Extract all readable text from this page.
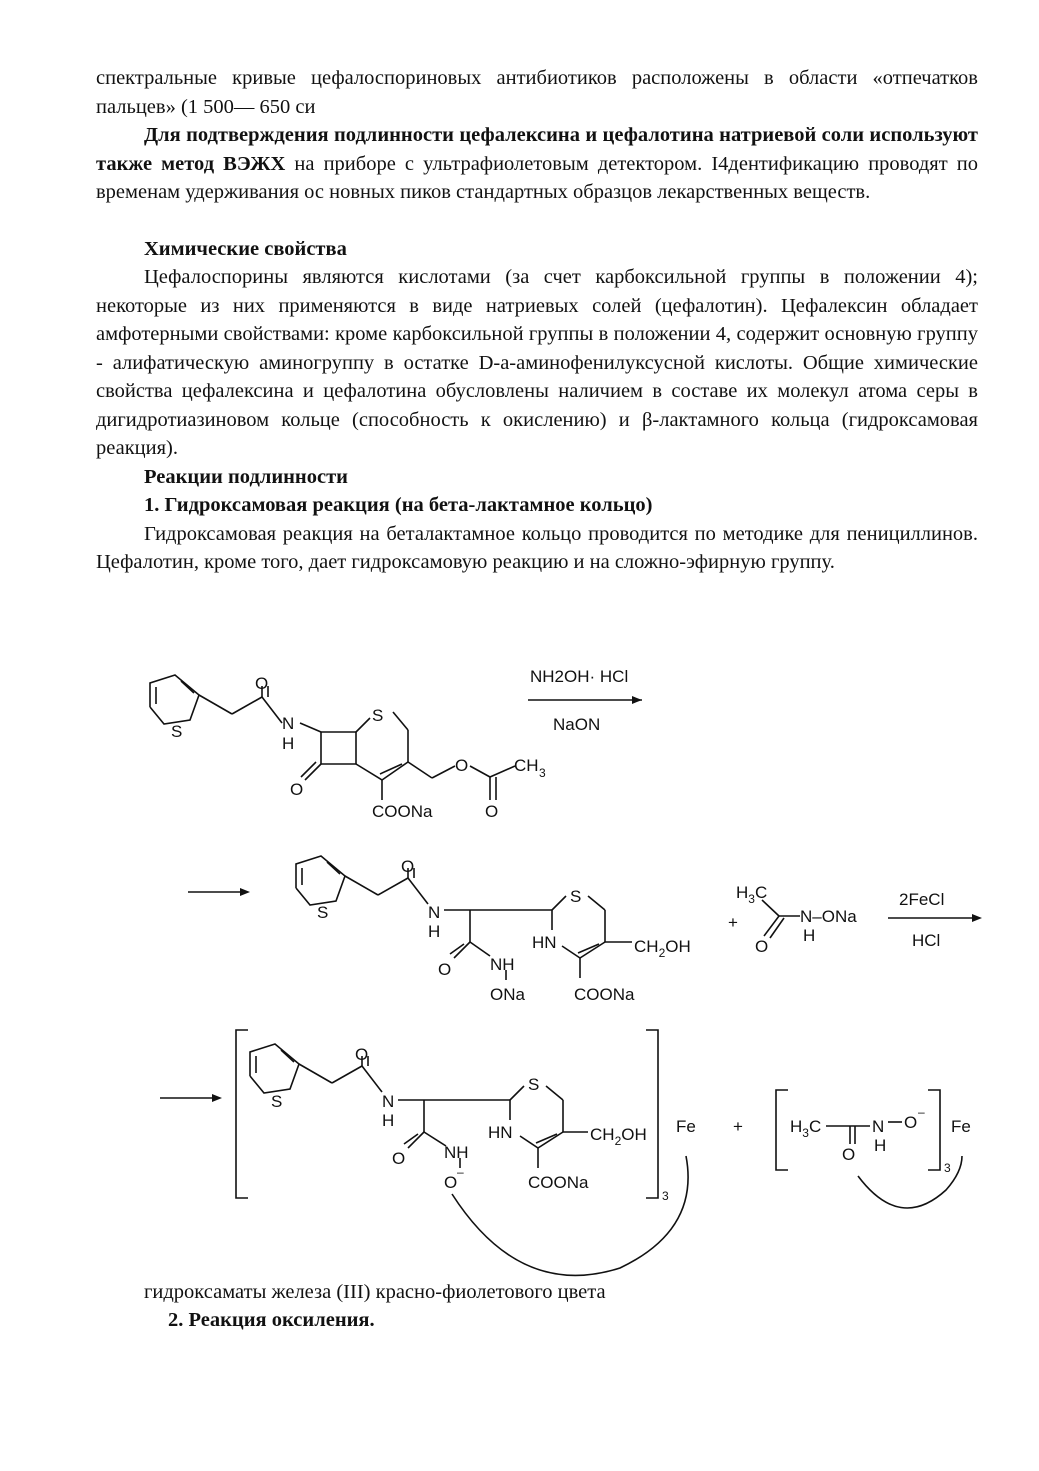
спектральные кривые цефалоспориновых антибиотиков расположены в области «отпечатков пальцев» (1 500— 650 си

Для подтверждения подлинности цефалексина и цефалотина натриевой соли используют также метод ВЭЖХ на приборе с ультрафиолетовым детектором. I4дентификацию проводят по временам удерживания ос новных пиков стандартных образцов лекарственных веществ.

Химические свойства

Цефалоспорины являются кислотами (за счет карбоксильной группы в положении 4); некоторые из них применяются в виде натриевых солей (цефалотин). Цефалексин обладает амфотерными свойствами: кроме карбоксильной группы в положении 4, содержит основную группу - алифатическую аминогруппу в остатке D-а-аминофенилуксусной кислоты. Общие химические свойства цефалексина и цефалотина обусловлены наличием в составе их молекул атома серы в дигидротиазиновом кольце (способность к окислению) и β-лактамного кольца (гидроксамовая реакция).

Реакции подлинности

1. Гидроксамовая реакция (на бета-лактамное кольцо)

Гидроксамовая реакция на беталактамное кольцо проводится по методике для пенициллинов. Цефалотин, кроме того, дает гидроксамовую реакцию и на сложно-эфирную группу.

O
S	N
H
S
O
O	CH 3
COONa	O
NH2OH· HCl
NaON
O
S	N
H
S
HN
O NH
ONa	COONa
$CH_2OH$
+
$H_3C$
N–ONa
H
O
2FeCl
HCl
O
S	N
H
S
HN
O NH
O
–
COONa
$CH_2OH$
3
Fe +	$H_3C$	N
H
O
–
O
3
Fe
гидроксаматы железа (III) красно-фиолетового цвета
2. Реакция оксиления.
